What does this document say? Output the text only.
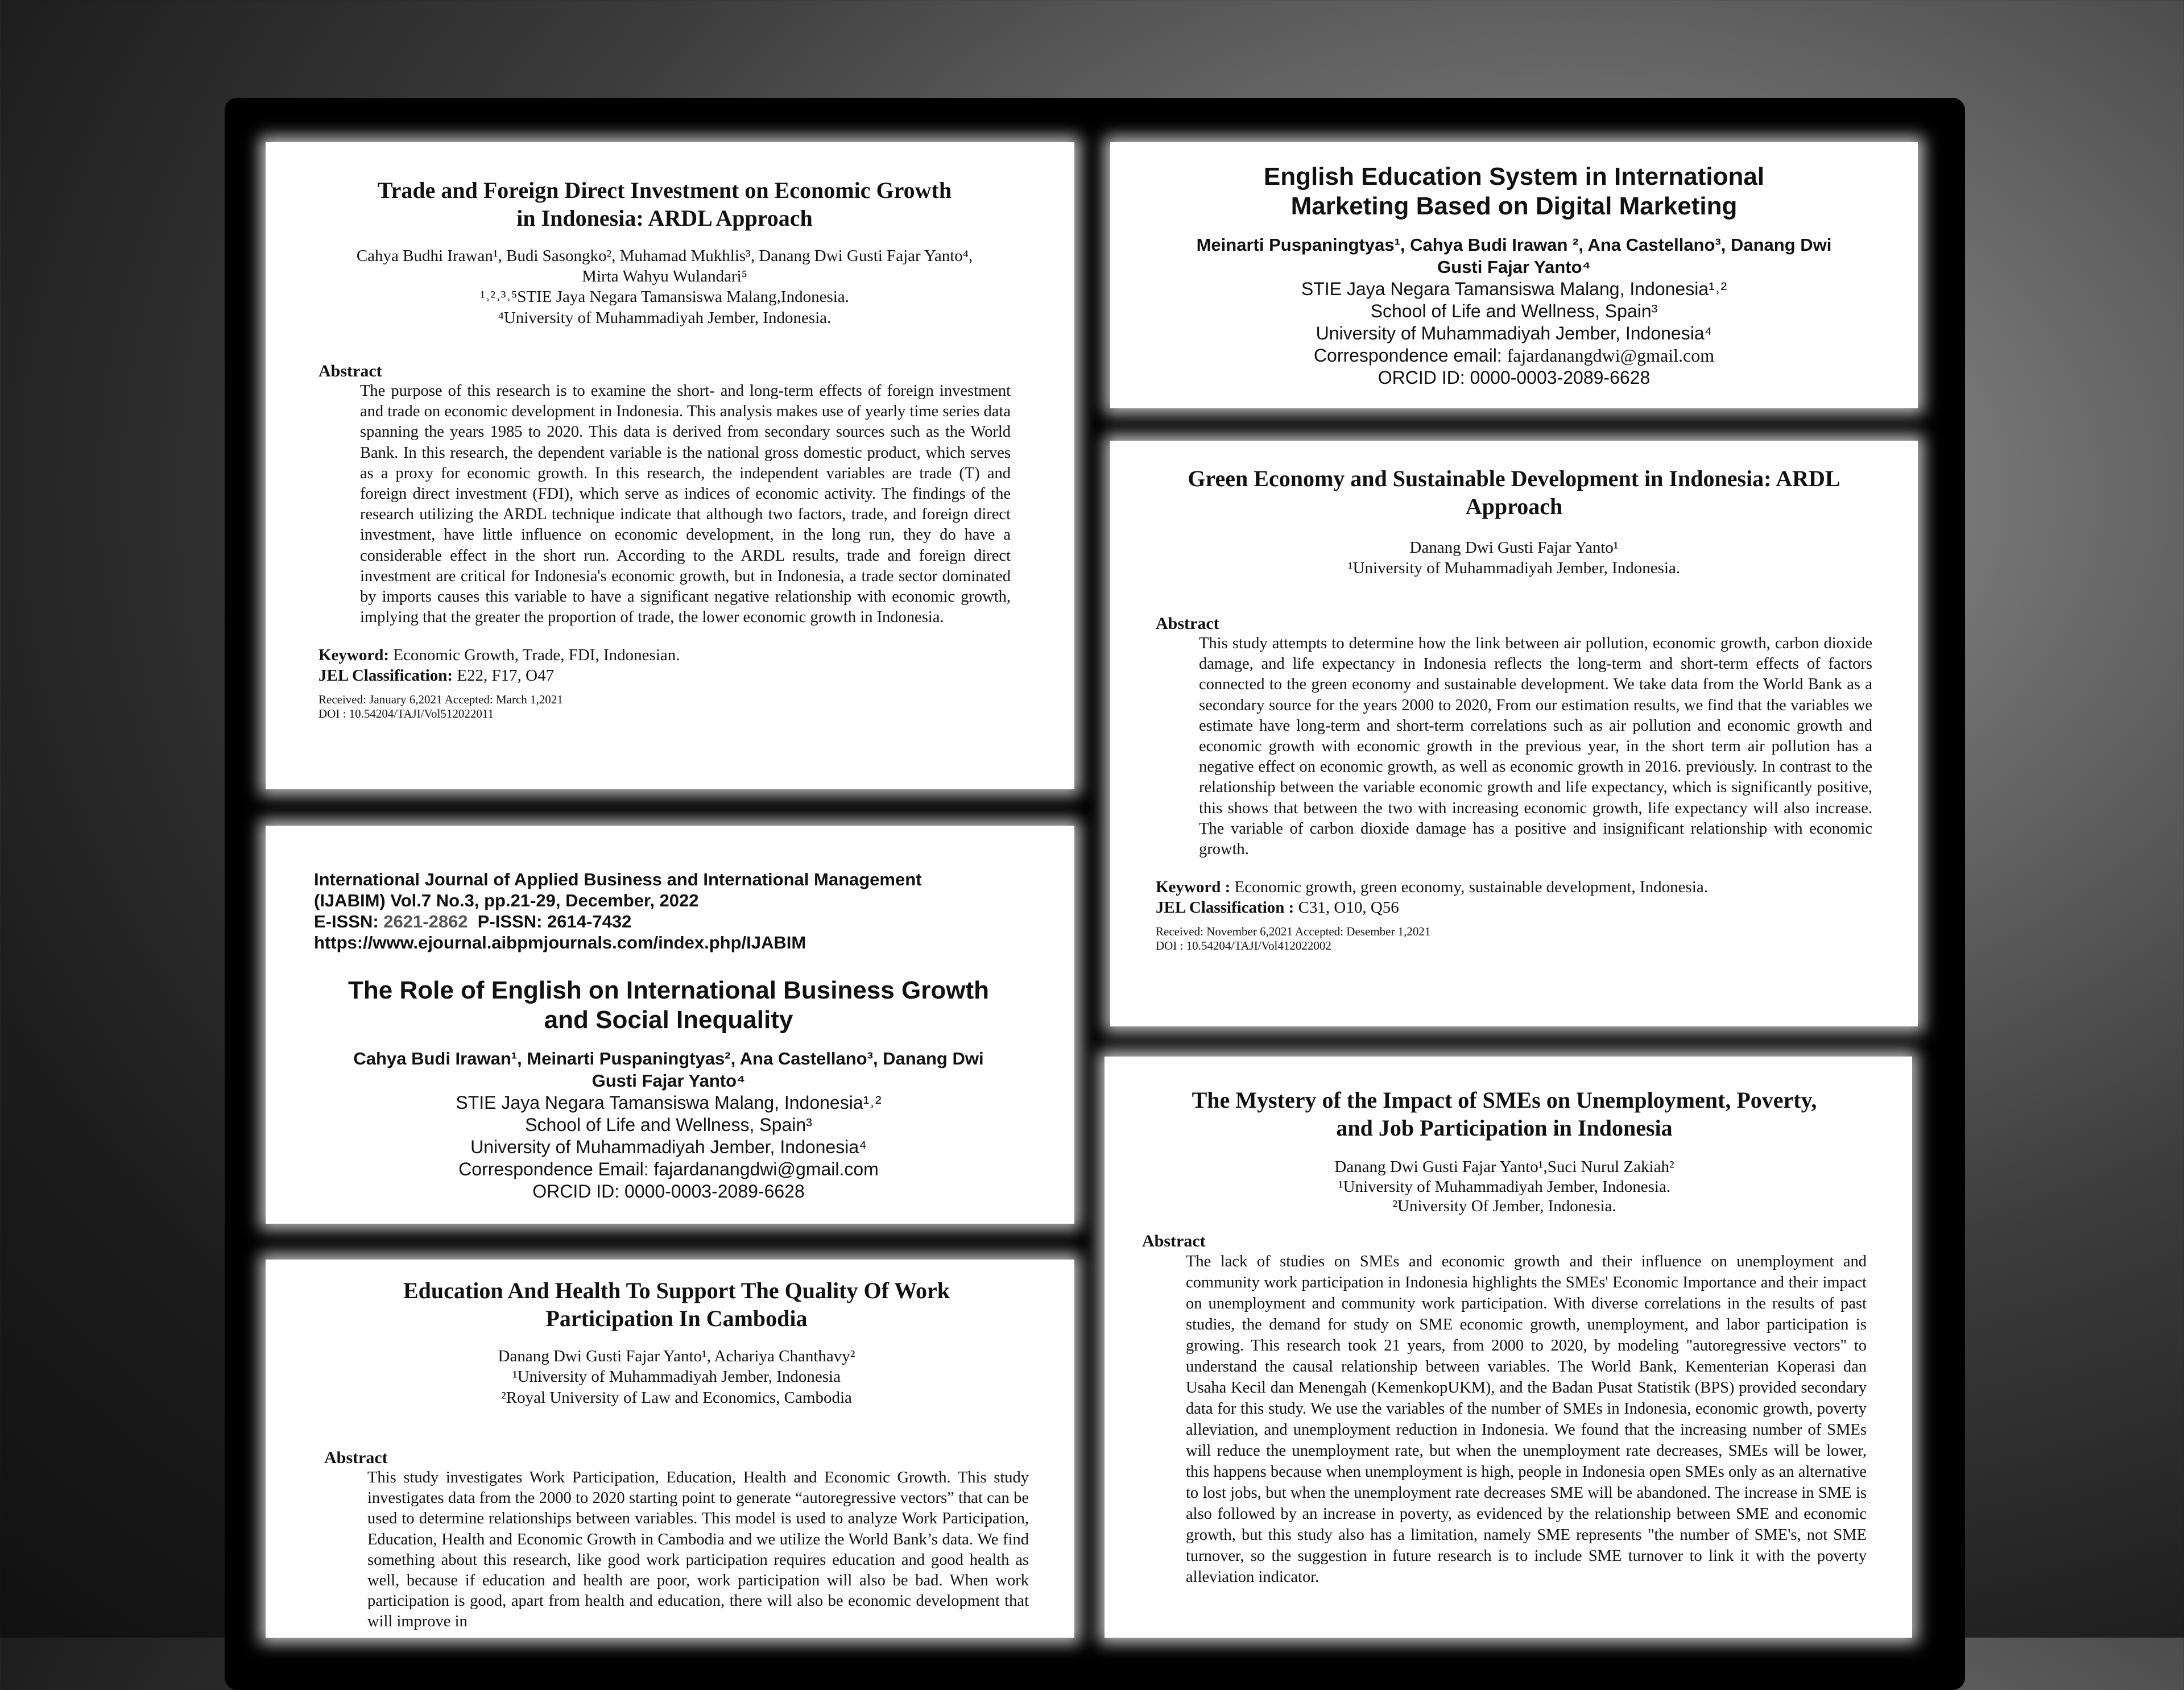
Trade and Foreign Direct Investment on Economic Growth in Indonesia: ARDL Approach
Cahya Budhi Irawan¹, Budi Sasongko², Muhamad Mukhlis³, Danang Dwi Gusti Fajar Yanto⁴, Mirta Wahyu Wulandari⁵
¹˒²˒³˒⁵STIE Jaya Negara Tamansiswa Malang,Indonesia.
⁴University of Muhammadiyah Jember, Indonesia.
Abstract
The purpose of this research is to examine the short- and long-term effects of foreign investment and trade on economic development in Indonesia. This analysis makes use of yearly time series data spanning the years 1985 to 2020. This data is derived from secondary sources such as the World Bank. In this research, the dependent variable is the national gross domestic product, which serves as a proxy for economic growth. In this research, the independent variables are trade (T) and foreign direct investment (FDI), which serve as indices of economic activity. The findings of the research utilizing the ARDL technique indicate that although two factors, trade, and foreign direct investment, have little influence on economic development, in the long run, they do have a considerable effect in the short run. According to the ARDL results, trade and foreign direct investment are critical for Indonesia's economic growth, but in Indonesia, a trade sector dominated by imports causes this variable to have a significant negative relationship with economic growth, implying that the greater the proportion of trade, the lower economic growth in Indonesia.
Keyword: Economic Growth, Trade, FDI, Indonesian.
JEL Classification: E22, F17, O47
Received: January 6,2021 Accepted: March 1,2021
DOI : 10.54204/TAJI/Vol512022011
English Education System in International Marketing Based on Digital Marketing
Meinarti Puspaningtyas¹, Cahya Budi Irawan ², Ana Castellano³, Danang Dwi Gusti Fajar Yanto⁴
STIE Jaya Negara Tamansiswa Malang, Indonesia¹˒²
School of Life and Wellness, Spain³
University of Muhammadiyah Jember, Indonesia⁴
Correspondence email: fajardanangdwi@gmail.com
ORCID ID: 0000-0003-2089-6628
Green Economy and Sustainable Development in Indonesia: ARDL Approach
Danang Dwi Gusti Fajar Yanto¹
¹University of Muhammadiyah Jember, Indonesia.
Abstract
This study attempts to determine how the link between air pollution, economic growth, carbon dioxide damage, and life expectancy in Indonesia reflects the long-term and short-term effects of factors connected to the green economy and sustainable development. We take data from the World Bank as a secondary source for the years 2000 to 2020, From our estimation results, we find that the variables we estimate have long-term and short-term correlations such as air pollution and economic growth and economic growth with economic growth in the previous year, in the short term air pollution has a negative effect on economic growth, as well as economic growth in 2016. previously. In contrast to the relationship between the variable economic growth and life expectancy, which is significantly positive, this shows that between the two with increasing economic growth, life expectancy will also increase. The variable of carbon dioxide damage has a positive and insignificant relationship with economic growth.
Keyword : Economic growth, green economy, sustainable development, Indonesia.
JEL Classification : C31, O10, Q56
Received: November 6,2021 Accepted: Desember 1,2021
DOI : 10.54204/TAJI/Vol412022002
International Journal of Applied Business and International Management
(IJABIM) Vol.7 No.3, pp.21-29, December, 2022
E-ISSN: 2621-2862  P-ISSN: 2614-7432
https://www.ejournal.aibpmjournals.com/index.php/IJABIM
The Role of English on International Business Growth and Social Inequality
Cahya Budi Irawan¹, Meinarti Puspaningtyas², Ana Castellano³, Danang Dwi Gusti Fajar Yanto⁴
STIE Jaya Negara Tamansiswa Malang, Indonesia¹˒²
School of Life and Wellness, Spain³
University of Muhammadiyah Jember, Indonesia⁴
Correspondence Email: fajardanangdwi@gmail.com
ORCID ID: 0000-0003-2089-6628
Education And Health To Support The Quality Of Work Participation In Cambodia
Danang Dwi Gusti Fajar Yanto¹, Achariya Chanthavy²
¹University of Muhammadiyah Jember, Indonesia
²Royal University of Law and Economics, Cambodia
Abstract
This study investigates Work Participation, Education, Health and Economic Growth. This study investigates data from the 2000 to 2020 starting point to generate “autoregressive vectors” that can be used to determine relationships between variables. This model is used to analyze Work Participation, Education, Health and Economic Growth in Cambodia and we utilize the World Bank’s data. We find something about this research, like good work participation requires education and good health as well, because if education and health are poor, work participation will also be bad. When work participation is good, apart from health and education, there will also be economic development that will improve in
The Mystery of the Impact of SMEs on Unemployment, Poverty, and Job Participation in Indonesia
Danang Dwi Gusti Fajar Yanto¹,Suci Nurul Zakiah²
¹University of Muhammadiyah Jember, Indonesia.
²University Of Jember, Indonesia.
Abstract
The lack of studies on SMEs and economic growth and their influence on unemployment and community work participation in Indonesia highlights the SMEs' Economic Importance and their impact on unemployment and community work participation. With diverse correlations in the results of past studies, the demand for study on SME economic growth, unemployment, and labor participation is growing. This research took 21 years, from 2000 to 2020, by modeling "autoregressive vectors" to understand the causal relationship between variables. The World Bank, Kementerian Koperasi dan Usaha Kecil dan Menengah (KemenkopUKM), and the Badan Pusat Statistik (BPS) provided secondary data for this study. We use the variables of the number of SMEs in Indonesia, economic growth, poverty alleviation, and unemployment reduction in Indonesia. We found that the increasing number of SMEs will reduce the unemployment rate, but when the unemployment rate decreases, SMEs will be lower, this happens because when unemployment is high, people in Indonesia open SMEs only as an alternative to lost jobs, but when the unemployment rate decreases SME will be abandoned. The increase in SME is also followed by an increase in poverty, as evidenced by the relationship between SME and economic growth, but this study also has a limitation, namely SME represents "the number of SME's, not SME turnover, so the suggestion in future research is to include SME turnover to link it with the poverty alleviation indicator.
